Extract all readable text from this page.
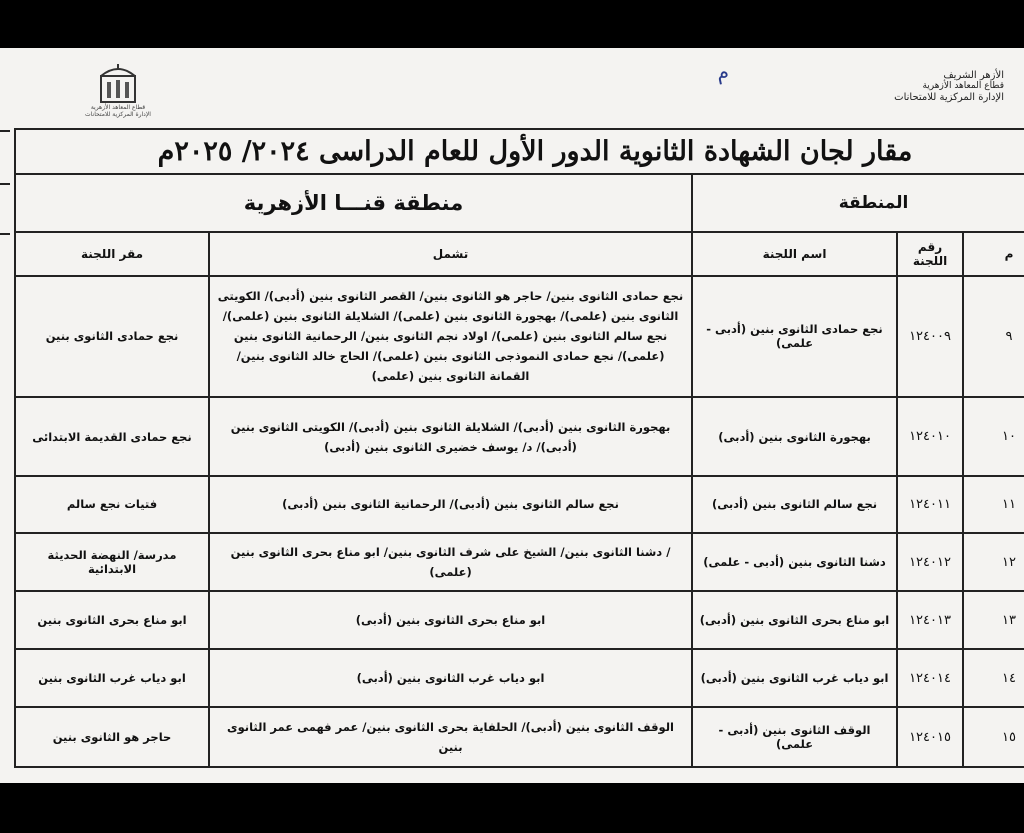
الأزهر الشريف
قطاع المعاهد الأزهرية
الإدارة المركزية للامتحانات
م
قطاع المعاهد الأزهرية
الإدارة المركزية للامتحانات
مقار لجان الشهادة الثانوية الدور الأول للعام الدراسى ٢٠٢٤/ ٢٠٢٥م				
المنطقة			منطقة قنـــا الأزهرية	
م	رقم اللجنة	اسم اللجنة	تشمل	مقر اللجنة
٩	١٢٤٠٠٩	نجع حمادى الثانوى بنين (أدبى - علمى)	نجع حمادى الثانوى بنين/ حاجر هو الثانوى بنين/ القصر الثانوى بنين (أدبى)/ الكويتى الثانوى بنين (علمى)/ بهجورة الثانوى بنين (علمى)/ الشلايلة الثانوى بنين (علمى)/ نجع سالم الثانوى بنين (علمى)/ اولاد نجم الثانوى بنين/ الرحمانية الثانوى بنين (علمى)/ نجع حمادى النموذجى الثانوى بنين (علمى)/ الحاج خالد الثانوى بنين/ القمانة الثانوى بنين (علمى)	نجع حمادى الثانوى بنين
١٠	١٢٤٠١٠	بهجورة الثانوى بنين (أدبى)	بهجورة الثانوى بنين (أدبى)/ الشلايلة الثانوى بنين (أدبى)/ الكويتى الثانوى بنين (أدبى)/ د/ يوسف خضيرى الثانوى بنين (أدبى)	نجع حمادى القديمة الابتدائى
١١	١٢٤٠١١	نجع سالم الثانوى بنين (أدبى)	نجع سالم الثانوى بنين (أدبى)/ الرحمانية الثانوى بنين (أدبى)	فتيات نجع سالم
١٢	١٢٤٠١٢	دشنا الثانوى بنين (أدبى - علمى)	/ دشنا الثانوى بنين/ الشيخ على شرف الثانوى بنين/ ابو مناع بحرى الثانوى بنين (علمى)	مدرسة/ النهضة الحديثة الابتدائية
١٣	١٢٤٠١٣	ابو مناع بحرى الثانوى بنين (أدبى)	ابو مناع بحرى الثانوى بنين (أدبى)	ابو مناع بحرى الثانوى بنين
١٤	١٢٤٠١٤	ابو دياب غرب الثانوى بنين (أدبى)	ابو دياب غرب الثانوى بنين (أدبى)	ابو دياب غرب الثانوى بنين
١٥	١٢٤٠١٥	الوقف الثانوى بنين (أدبى - علمى)	الوقف الثانوى بنين (أدبى)/ الحلفاية بحرى الثانوى بنين/ عمر فهمى عمر الثانوى بنين	حاجر هو الثانوى بنين
